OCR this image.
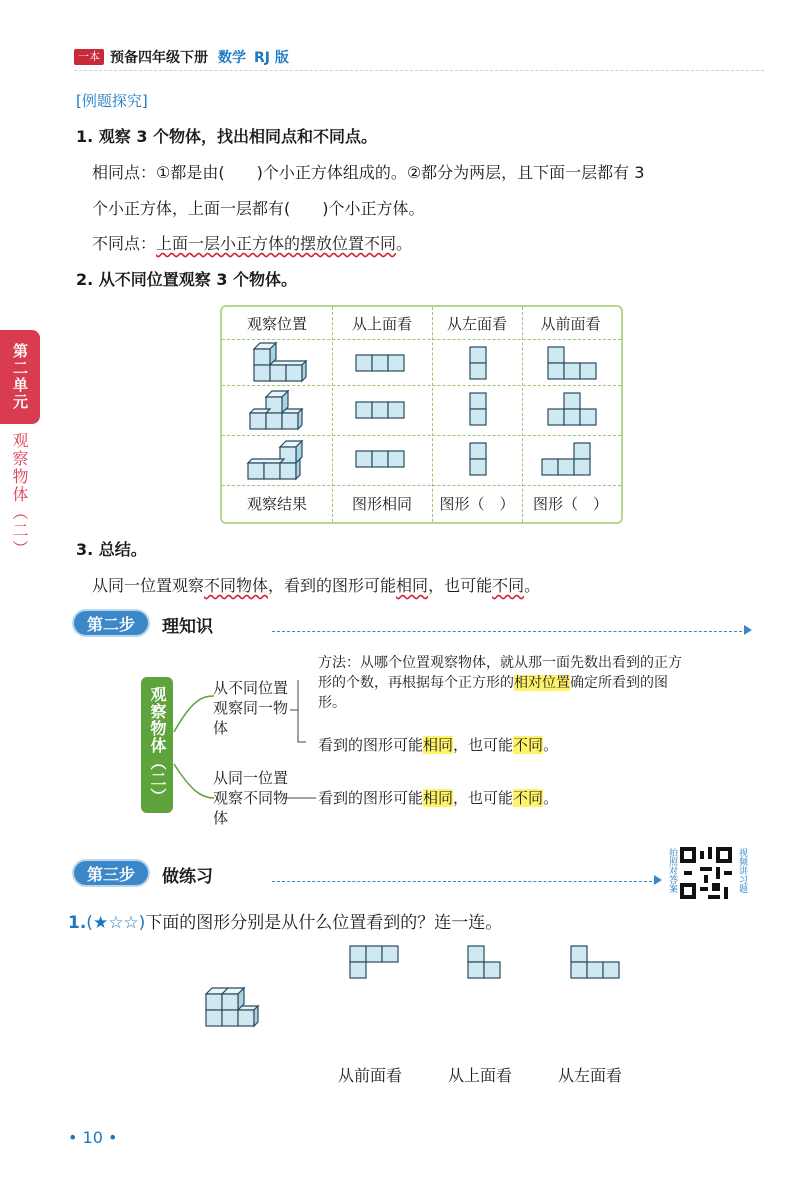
一本 预备四年级下册 数学 RJ 版
第二单元
观察物体（二）
[例题探究]
1. 观察 3 个物体，找出相同点和不同点。
相同点：①都是由(　　)个小正方体组成的。②都分为两层，且下面一层都有 3
个小正方体，上面一层都有(　　)个小正方体。
不同点：上面一层小正方体的摆放位置不同。
2. 从不同位置观察 3 个物体。
观察位置	从上面看	从左面看	从前面看
观察结果	图形相同	图形（　）	图形（　）
3. 总结。
从同一位置观察不同物体，看到的图形可能相同，也可能不同。
第二步	理知识
观察物体（二）	从不同位置观察同一物体
方法：从哪个位置观察物体，就从那一面先数出看到的正方形的个数，再根据每个正方形的相对位置确定所看到的图形。
看到的图形可能相同，也可能不同。
从同一位置观察不同物体
看到的图形可能相同，也可能不同。
第三步	做练习	拍照对答案	视频讲习题
1.(★☆☆)下面的图形分别是从什么位置看到的？连一连。
从前面看	从上面看	从左面看
• 10 •
